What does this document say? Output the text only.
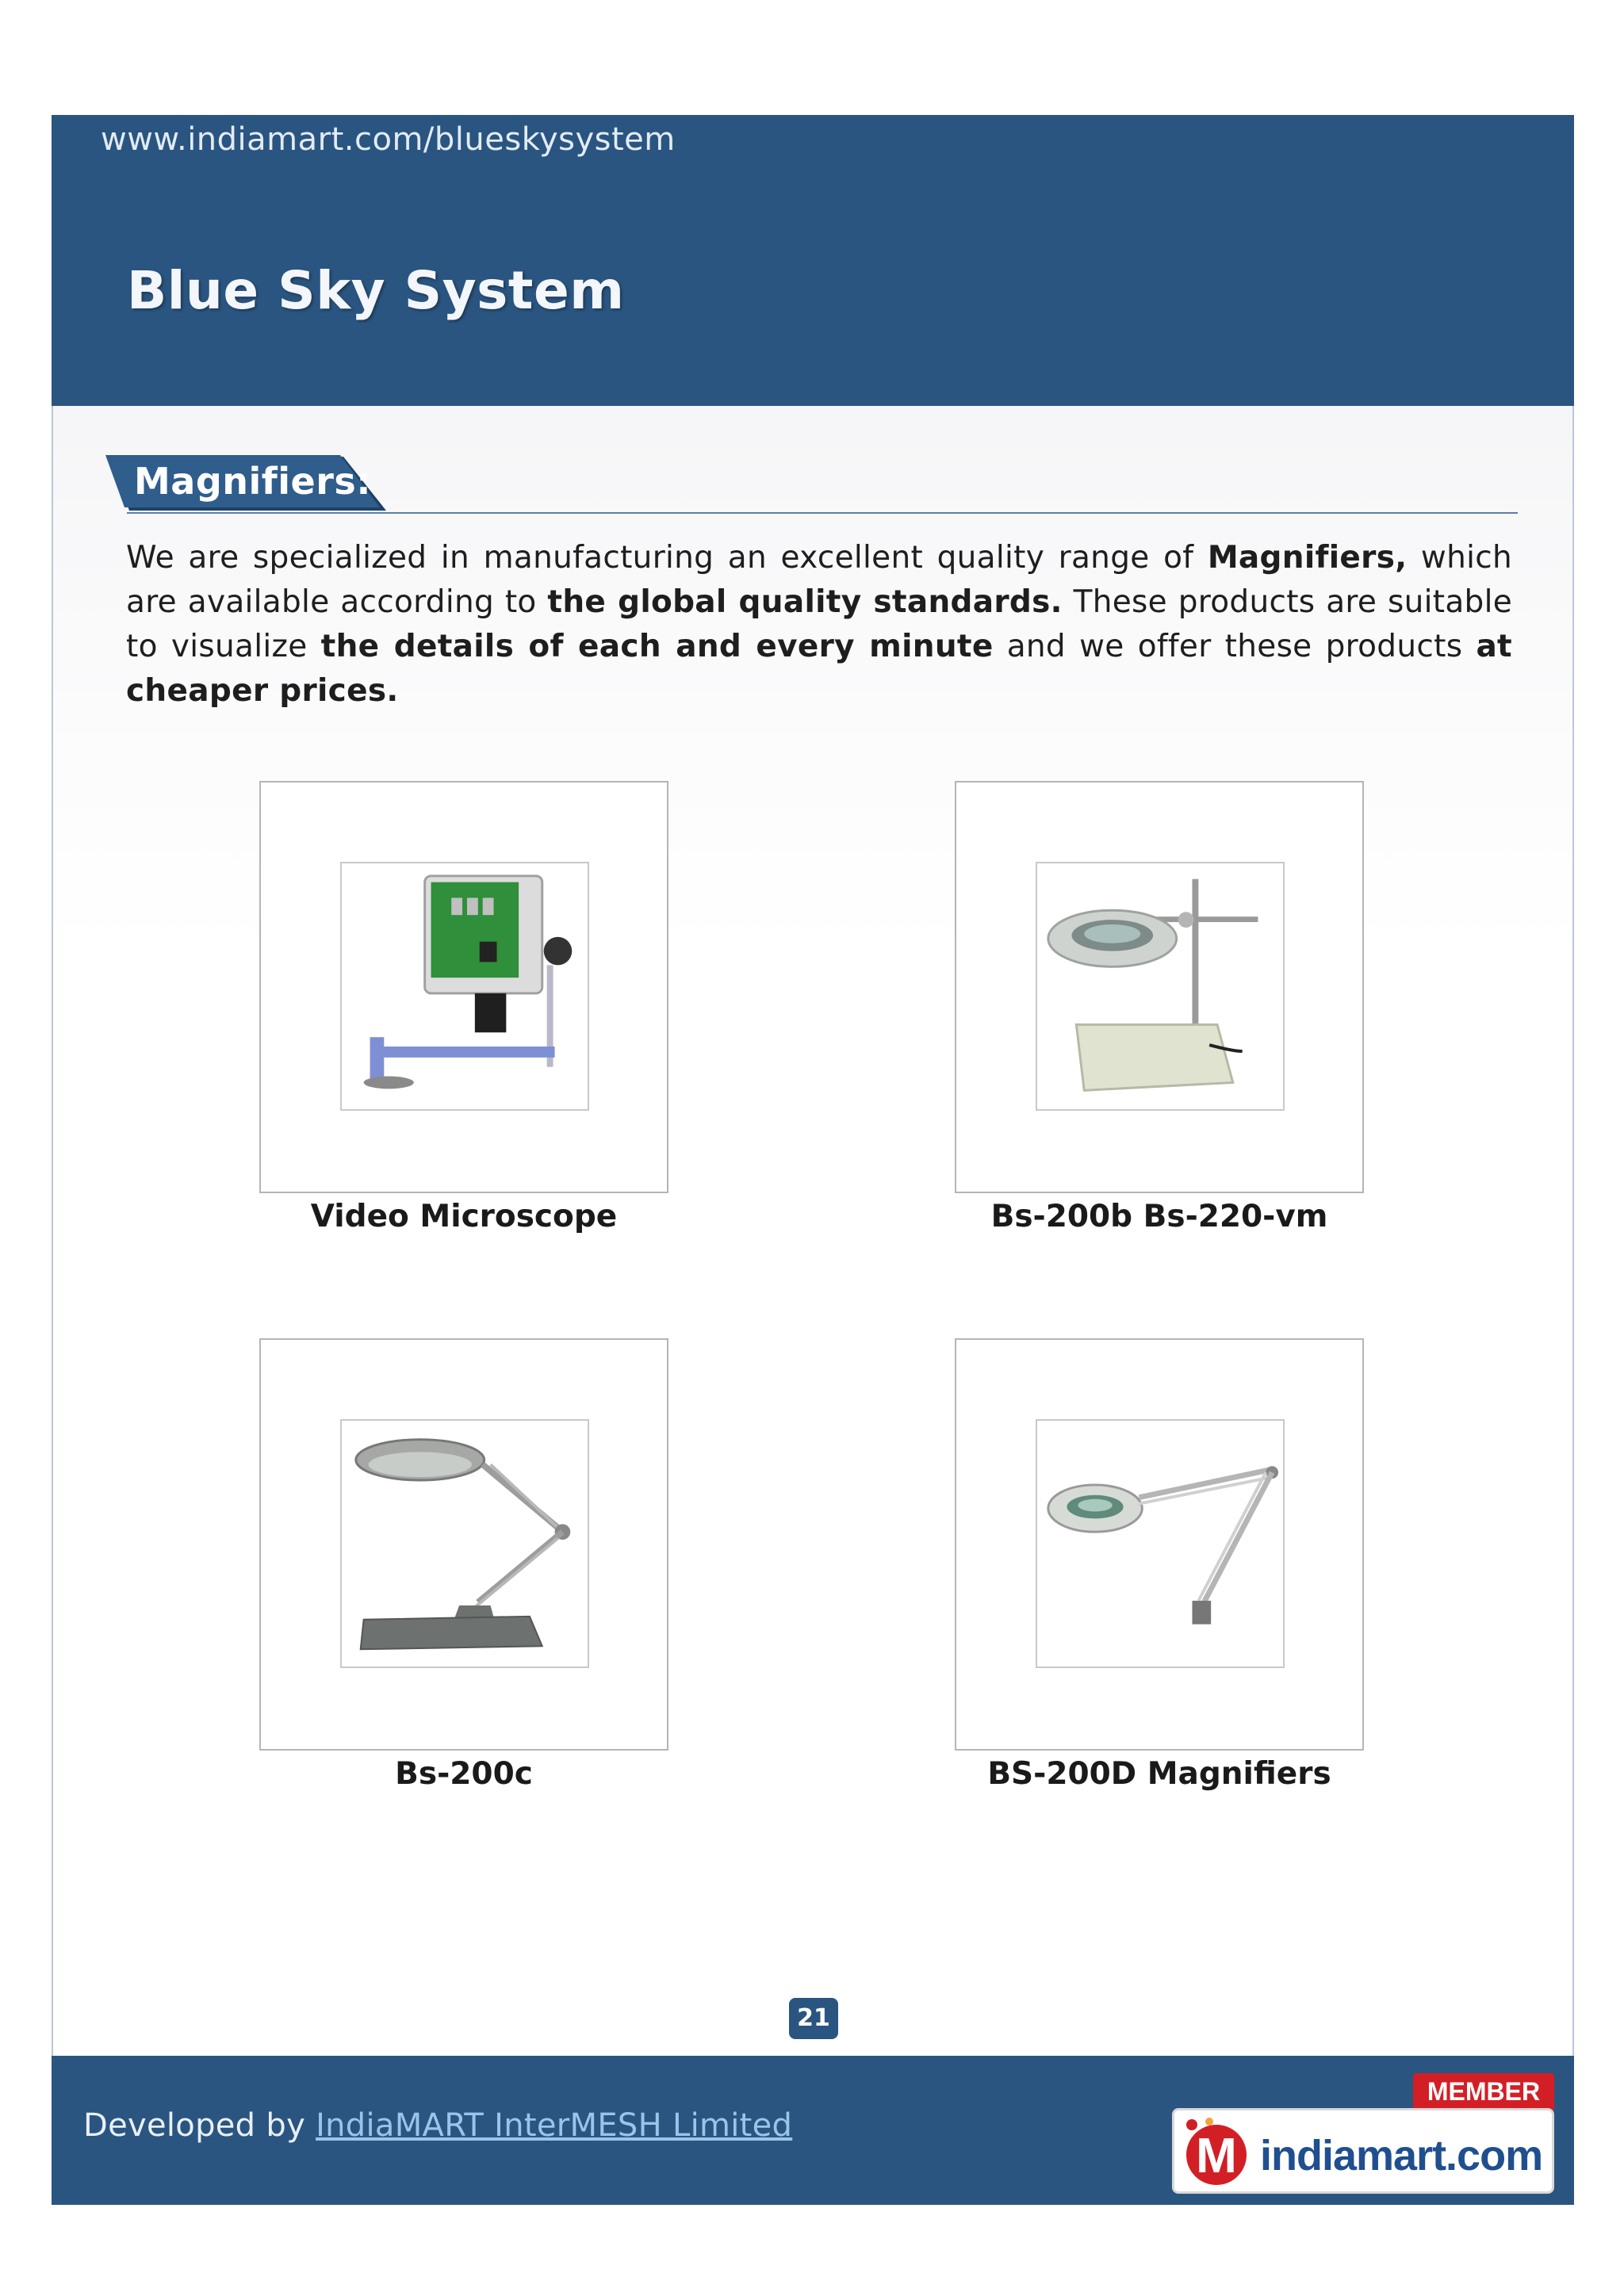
www.indiamart.com/blueskysystem
Blue Sky System
Magnifiers:
We are specialized in manufacturing an excellent quality range of Magnifiers, which are available according to the global quality standards. These products are suitable to visualize the details of each and every minute and we offer these products at cheaper prices.
Video Microscope	Bs-200b Bs-220-vm
Bs-200c	BS-200D Magnifiers
21
Developed by IndiaMART InterMESH Limited
MEMBER
M indiamart.com
